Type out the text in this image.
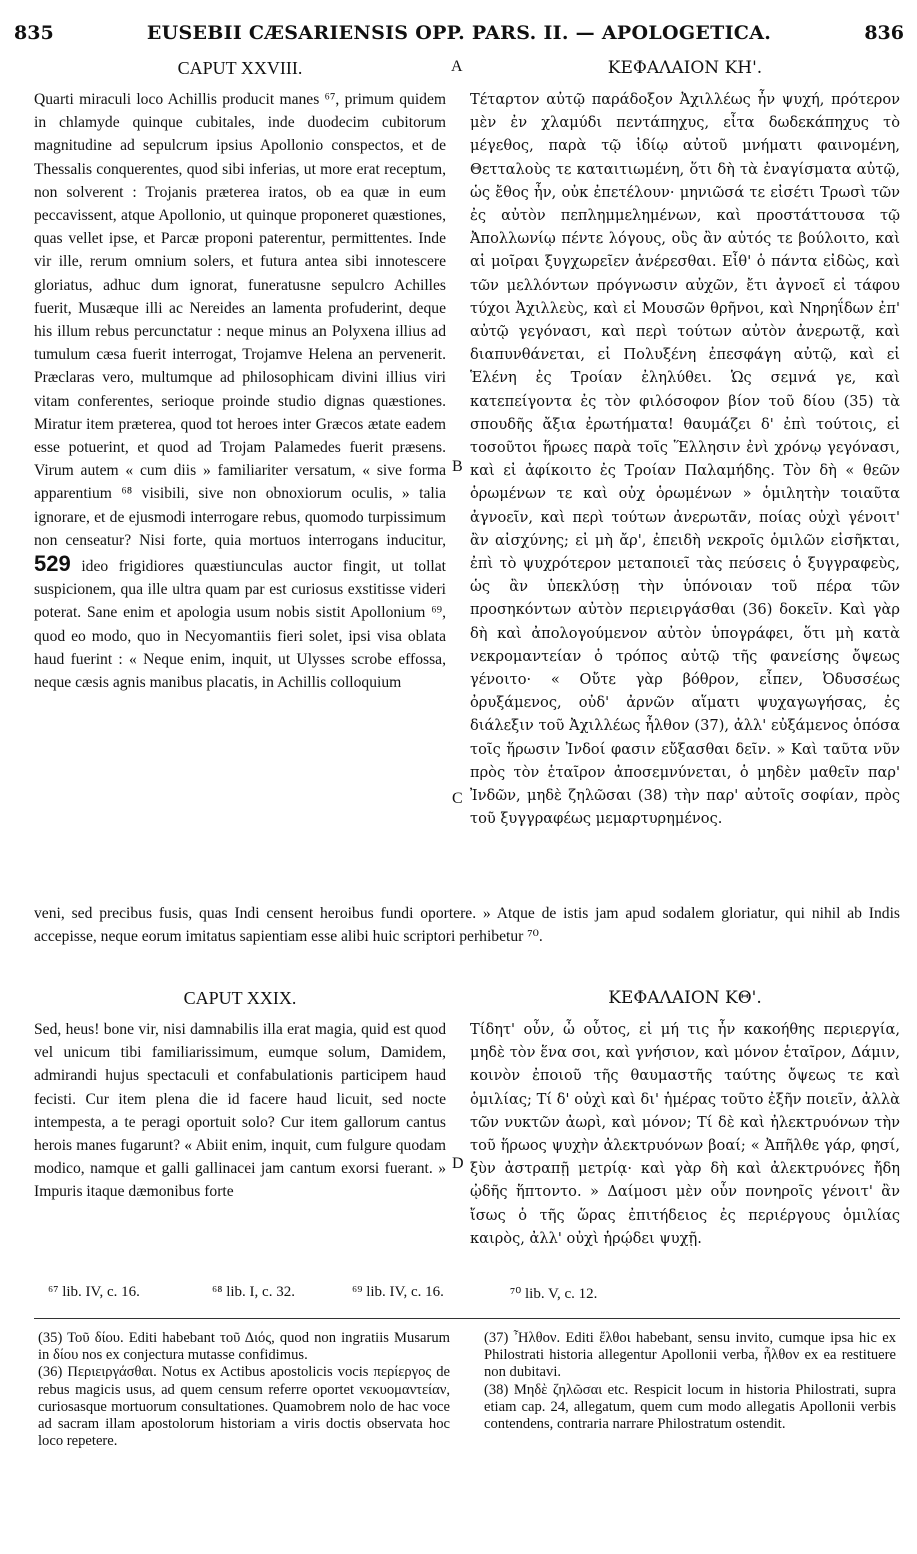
835	EUSEBII CÆSARIENSIS OPP. PARS. II. — APOLOGETICA.	836
CAPUT XXVIII.	A	ΚΕΦΑΛΑΙΟΝ ΚΗ'.

Quarti miraculi loco Achillis producit manes ⁶⁷, primum quidem in chlamyde quinque cubitales, inde duodecim cubitorum magnitudine ad sepulcrum ipsius Apollonio conspectos, et de Thessalis conquerentes, quod sibi inferias, ut more erat receptum, non solverent : Trojanis præterea iratos, ob ea quæ in eum peccavissent, atque Apollonio, ut quinque proponeret quæstiones, quas vellet ipse, et Parcæ proponi paterentur, permittentes. Inde vir ille, rerum omnium solers, et futura antea sibi innotescere gloriatus, adhuc dum ignorat, funeratusne sepulcro Achilles fuerit, Musæque illi ac Nereides an lamenta profuderint, deque his illum rebus percunctatur : neque minus an Polyxena illius ad tumulum cæsa fuerit interrogat, Trojamve Helena an pervenerit. Præclaras vero, multumque ad philosophicam divini illius viri vitam conferentes, serioque proinde studio dignas quæstiones. Miratur item præterea, quod tot heroes inter Græcos ætate eadem esse potuerint, et quod ad Trojam Palamedes fuerit præsens. Virum autem « cum diis » familiariter versatum, « sive forma apparentium ⁶⁸ visibili, sive non obnoxiorum oculis, » talia ignorare, et de ejusmodi interrogare rebus, quomodo turpissimum non censeatur? Nisi forte, quia mortuos interrogans inducitur, 529 ideo frigidiores quæstiunculas auctor fingit, ut tollat suspicionem, qua ille ultra quam par est curiosus exstitisse videri poterat. Sane enim et apologia usum nobis sistit Apollonium ⁶⁹, quod eo modo, quo in Necyomantiis fieri solet, ipsi visa oblata haud fuerint : « Neque enim, inquit, ut Ulysses scrobe effossa, neque cæsis agnis manibus placatis, in Achillis colloquium

B
C

Τέταρτον αὐτῷ παράδοξον Ἀχιλλέως ἦν ψυχή, πρότερον μὲν ἐν χλαμύδι πεντάπηχυς, εἶτα δωδεκάπηχυς τὸ μέγεθος, παρὰ τῷ ἰδίῳ αὐτοῦ μνήματι φαινομένη, Θετταλοὺς τε καταιτιωμένη, ὅτι δὴ τὰ ἐναγίσματα αὐτῷ, ὡς ἔθος ἦν, οὐκ ἐπετέλουν· μηνιῶσά τε εἰσέτι Τρωσὶ τῶν ἐς αὐτὸν πεπλημμελημένων, καὶ προστάττουσα τῷ Ἀπολλωνίῳ πέντε λόγους, οὓς ἂν αὐτός τε βούλοιτο, καὶ αἱ μοῖραι ξυγχωρεῖεν ἀνέρεσθαι. Εἶθ' ὁ πάντα εἰδὼς, καὶ τῶν μελλόντων πρόγνωσιν αὐχῶν, ἔτι ἀγνοεῖ εἰ τάφου τύχοι Ἀχιλλεὺς, καὶ εἰ Μουσῶν θρῆνοι, καὶ Νηρηΐδων ἐπ' αὐτῷ γεγόνασι, καὶ περὶ τούτων αὐτὸν ἀνερωτᾷ, καὶ διαπυνθάνεται, εἰ Πολυξένη ἐπεσφάγη αὐτῷ, καὶ εἰ Ἑλένη ἐς Τροίαν ἐληλύθει. Ὡς σεμνά γε, καὶ κατεπείγοντα ἐς τὸν φιλόσοφον βίον τοῦ δίου (35) τὰ σπουδῆς ἄξια ἐρωτήματα! θαυμάζει δ' ἐπὶ τούτοις, εἰ τοσοῦτοι ἥρωες παρὰ τοῖς Ἕλλησιν ἐνὶ χρόνῳ γεγόνασι, καὶ εἰ ἀφίκοιτο ἐς Τροίαν Παλαμήδης. Τὸν δὴ « θεῶν ὁρωμένων τε καὶ οὐχ ὁρωμένων » ὁμιλητὴν τοιαῦτα ἀγνοεῖν, καὶ περὶ τούτων ἀνερωτᾶν, ποίας οὐχὶ γένοιτ' ἂν αἰσχύνης; εἰ μὴ ἄρ', ἐπειδὴ νεκροῖς ὁμιλῶν εἰσῆκται, ἐπὶ τὸ ψυχρότερον μεταποιεῖ τὰς πεύσεις ὁ ξυγγραφεὺς, ὡς ἂν ὑπεκλύσῃ τὴν ὑπόνοιαν τοῦ πέρα τῶν προσηκόντων αὐτὸν περιειργάσθαι (36) δοκεῖν. Καὶ γὰρ δὴ καὶ ἀπολογούμενον αὐτὸν ὑπογράφει, ὅτι μὴ κατὰ νεκρομαντείαν ὁ τρόπος αὐτῷ τῆς φανείσης ὄψεως γένοιτο· « Οὔτε γὰρ βόθρον, εἶπεν, Ὀδυσσέως ὀρυξάμενος, οὐδ' ἀρνῶν αἵματι ψυχαγωγήσας, ἐς διάλεξιν τοῦ Ἀχιλλέως ἦλθον (37), ἀλλ' εὐξάμενος ὁπόσα τοῖς ἥρωσιν Ἰνδοί φασιν εὔξασθαι δεῖν. » Καὶ ταῦτα νῦν πρὸς τὸν ἑταῖρον ἀποσεμνύνεται, ὁ μηδὲν μαθεῖν παρ' Ἰνδῶν, μηδὲ ζηλῶσαι (38) τὴν παρ' αὐτοῖς σοφίαν, πρὸς τοῦ ξυγγραφέως μεμαρτυρημένος.

veni, sed precibus fusis, quas Indi censent heroibus fundi oportere. » Atque de istis jam apud sodalem gloriatur, qui nihil ab Indis accepisse, neque eorum imitatus sapientiam esse alibi huic scriptori perhibetur ⁷⁰.

CAPUT XXIX.	ΚΕΦΑΛΑΙΟΝ ΚΘ'.

Sed, heus! bone vir, nisi damnabilis illa erat magia, quid est quod vel unicum tibi familiarissimum, eumque solum, Damidem, admirandi hujus spectaculi et confabulationis participem haud fecisti. Cur item plena die id facere haud licuit, sed nocte intempesta, a te peragi oportuit solo? Cur item gallorum cantus herois manes fugarunt? « Abiit enim, inquit, cum fulgure quodam modico, namque et galli gallinacei jam cantum exorsi fuerant. » Impuris itaque dæmonibus forte

D

Τίδητ' οὖν, ὦ οὗτος, εἰ μή τις ἦν κακοήθης περιεργία, μηδὲ τὸν ἕνα σοι, καὶ γνήσιον, καὶ μόνον ἑταῖρον, Δάμιν, κοινὸν ἐποιοῦ τῆς θαυμαστῆς ταύτης ὄψεως τε καὶ ὁμιλίας; Τί δ' οὐχὶ καὶ δι' ἡμέρας τοῦτο ἐξῆν ποιεῖν, ἀλλὰ τῶν νυκτῶν ἀωρὶ, καὶ μόνον; Τί δὲ καὶ ἠλεκτρυόνων τὴν τοῦ ἥρωος ψυχὴν ἀλεκτρυόνων βοαί; « Ἀπῆλθε γάρ, φησί, ξὺν ἀστραπῇ μετρίᾳ· καὶ γὰρ δὴ καὶ ἀλεκτρυόνες ἤδη ᾠδῆς ἥπτοντο. » Δαίμοσι μὲν οὖν πονηροῖς γένοιτ' ἂν ἴσως ὁ τῆς ὥρας ἐπιτήδειος ἐς περιέργους ὁμιλίας καιρὸς, ἀλλ' οὐχὶ ἡρῴδει ψυχῇ.

⁶⁷ lib. IV, c. 16.	⁶⁸ lib. I, c. 32.	⁶⁹ lib. IV, c. 16.	⁷⁰ lib. V, c. 12.

(35) Τοῦ δίου. Editi habebant τοῦ Διός, quod non ingratiis Musarum in δίου nos ex conjectura mutasse confidimus.

(36) Περιειργάσθαι. Notus ex Actibus apostolicis vocis περίεργος de rebus magicis usus, ad quem censum referre oportet νεκυομαντείαν, curiosasque mortuorum consultationes. Quamobrem nolo de hac voce ad sacram illam apostolorum historiam a viris doctis observata hoc loco repetere.

(37) Ἦλθον. Editi ἔλθοι habebant, sensu invito, cumque ipsa hic ex Philostrati historia allegentur Apollonii verba, ἦλθον ex ea restituere non dubitavi.

(38) Μηδὲ ζηλῶσαι etc. Respicit locum in historia Philostrati, supra etiam cap. 24, allegatum, quem cum modo allegatis Apollonii verbis contendens, contraria narrare Philostratum ostendit.
